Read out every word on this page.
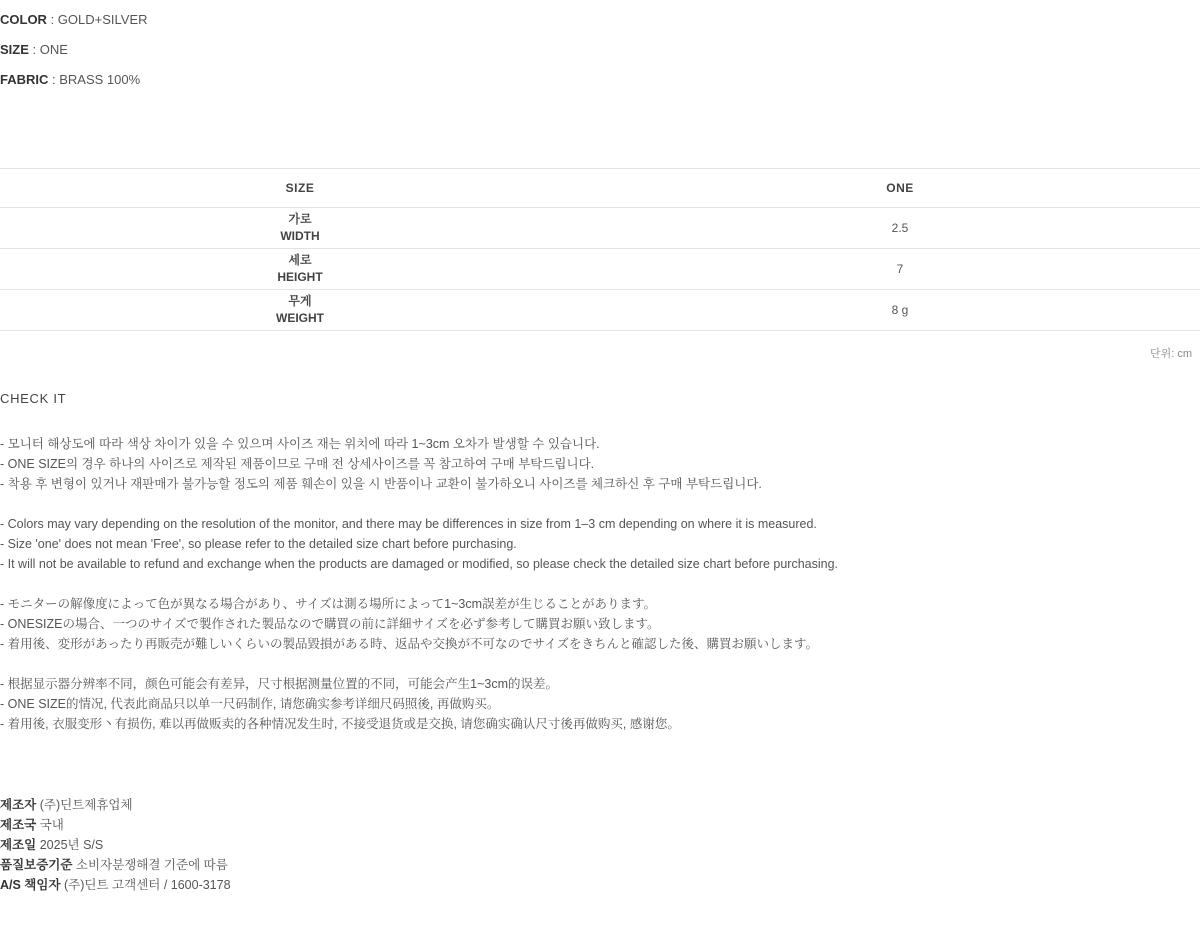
COLOR : GOLD+SILVER
SIZE : ONE
FABRIC : BRASS 100%
SIZE	ONE

가로
WIDTH	2.5

세로
HEIGHT	7

무게
WEIGHT	8 g
단위: cm
CHECK IT
- 모니터 해상도에 따라 색상 차이가 있을 수 있으며 사이즈 재는 위치에 따라 1~3cm 오차가 발생할 수 있습니다.
- ONE SIZE의 경우 하나의 사이즈로 제작된 제품이므로 구매 전 상세사이즈를 꼭 참고하여 구매 부탁드립니다.
- 착용 후 변형이 있거나 재판매가 불가능할 정도의 제품 훼손이 있을 시 반품이나 교환이 불가하오니 사이즈를 체크하신 후 구매 부탁드립니다.
- Colors may vary depending on the resolution of the monitor, and there may be differences in size from 1–3 cm depending on where it is measured.
- Size 'one' does not mean 'Free', so please refer to the detailed size chart before purchasing.
- It will not be available to refund and exchange when the products are damaged or modified, so please check the detailed size chart before purchasing.
- モニターの解像度によって色が異なる場合があり、サイズは測る場所によって1~3cm誤差が生じることがあります。
- ONESIZEの場合、一つのサイズで製作された製品なので購買の前に詳細サイズを必ず参考して購買お願い致します。
- 着用後、変形があったり再販売が難しいくらいの製品毀損がある時、返品や交換が不可なのでサイズをきちんと確認した後、購買お願いします。
- 根据显示器分辨率不同，颜色可能会有差异，尺寸根据测量位置的不同，可能会产生1~3cm的误差。
- ONE SIZE的情况, 代表此商品只以单一尺码制作, 请您确实参考详细尺码照後, 再做购买。
- 着用後, 衣服变形丶有损伤, 难以再做贩卖的各种情况发生时, 不接受退货或是交换, 请您确实确认尺寸後再做购买, 感谢您。
제조자 (주)딘트제휴업체
제조국 국내
제조일 2025년 S/S
품질보증기준 소비자분쟁해결 기준에 따름
A/S 책임자 (주)딘트 고객센터 / 1600-3178
